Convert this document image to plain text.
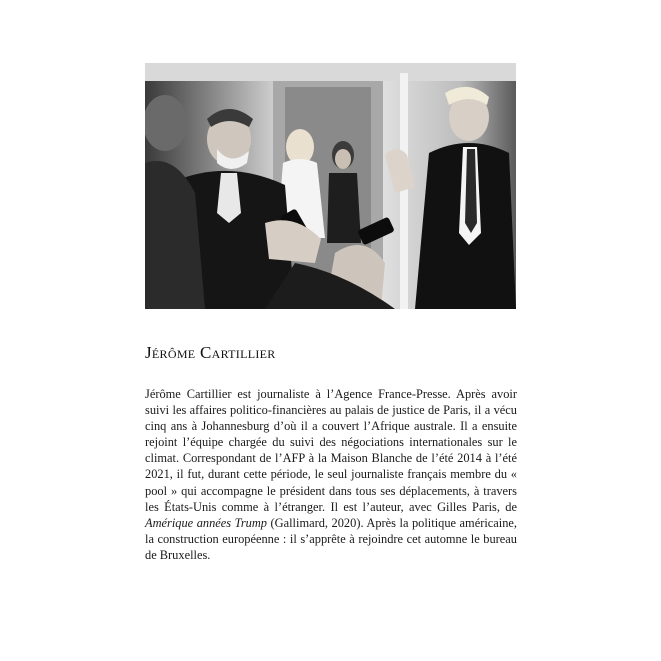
Jérôme Cartillier

Jérôme Cartillier est journaliste à l’Agence France-Presse. Après avoir suivi les affaires politico-financières au palais de justice de Paris, il a vécu cinq ans à Johannesburg d’où il a couvert l’Afrique australe. Il a ensuite rejoint l’équipe chargée du suivi des négociations internationales sur le climat. Correspondant de l’AFP à la Maison Blanche de l’été 2014 à l’été 2021, il fut, durant cette période, le seul journaliste français membre du « pool » qui accompagne le président dans tous ses déplacements, à travers les États-Unis comme à l’étranger. Il est l’auteur, avec Gilles Paris, de Amérique années Trump (Gallimard, 2020). Après la politique américaine, la construction européenne : il s’apprête à rejoindre cet automne le bureau de Bruxelles.
